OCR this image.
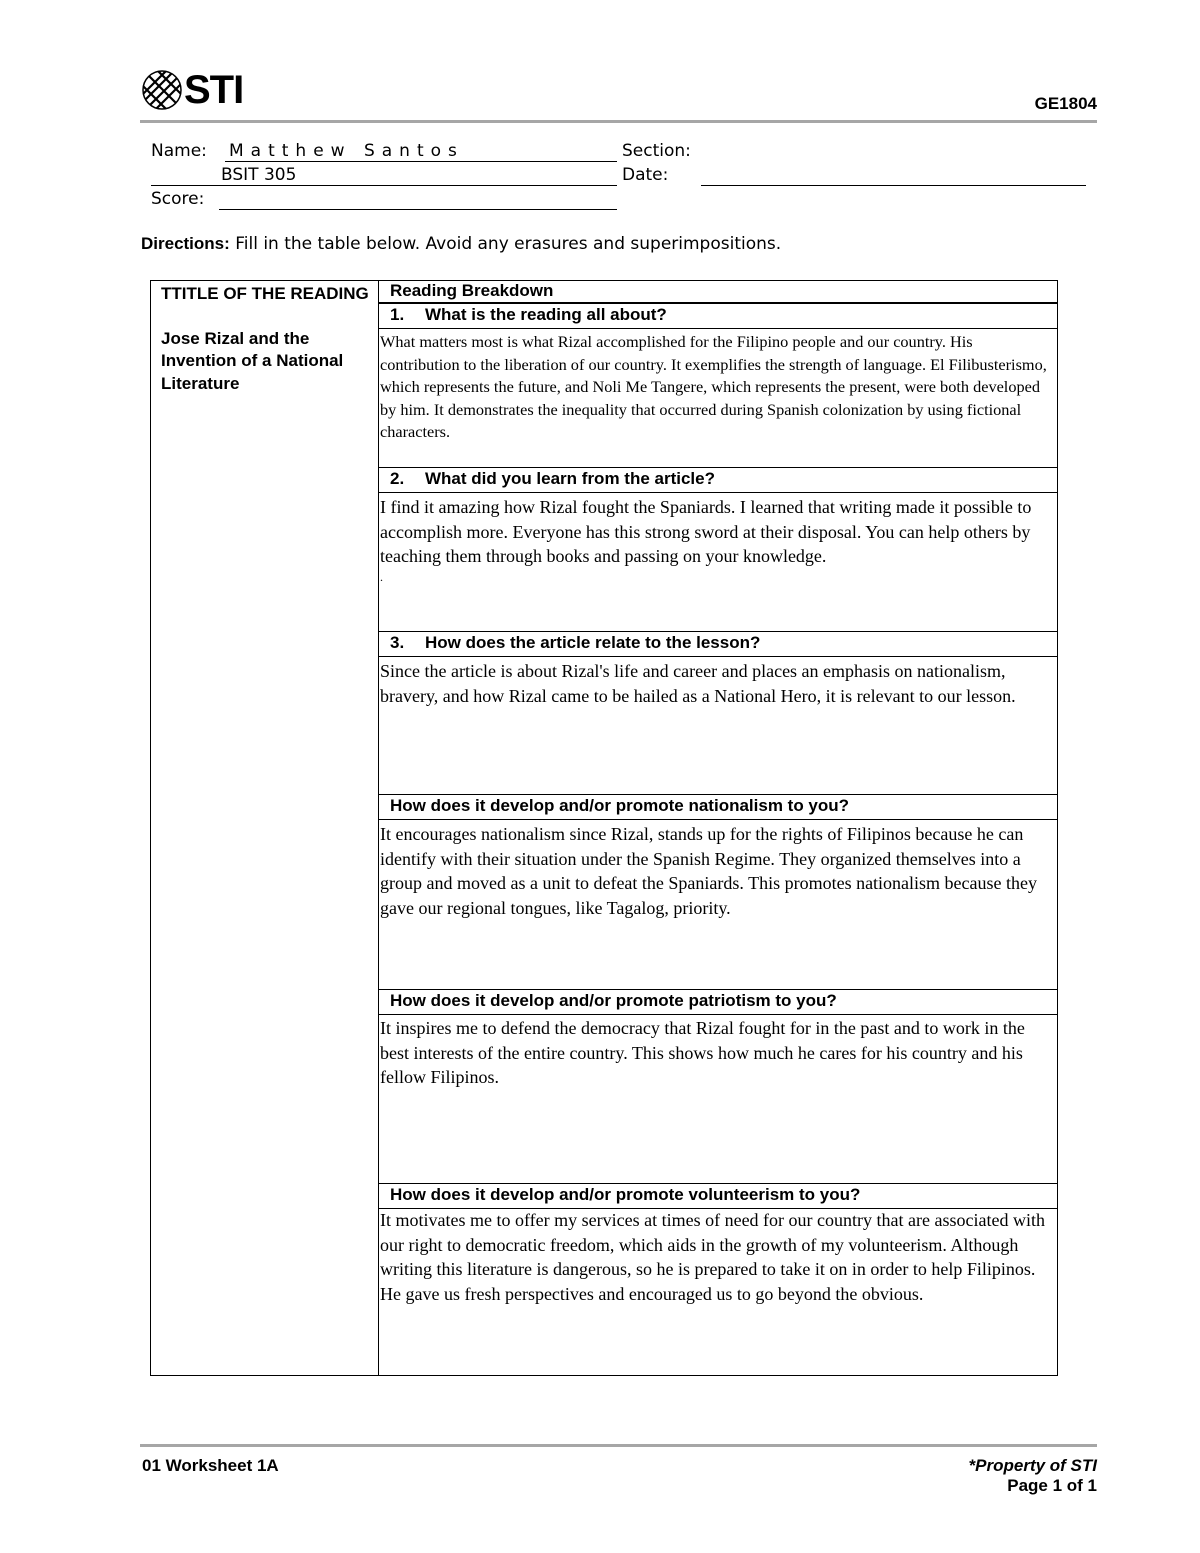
STI	GE1804
Name: Matthew Santos	Section:
BSIT 305	Date:
Score:
Directions: Fill in the table below. Avoid any erasures and superimpositions.
TTITLE OF THE READING
Jose Rizal and the Invention of a National Literature
Reading Breakdown
1. What is the reading all about?
What matters most is what Rizal accomplished for the Filipino people and our country. His contribution to the liberation of our country. It exemplifies the strength of language. El Filibusterismo, which represents the future, and Noli Me Tangere, which represents the present, were both developed by him. It demonstrates the inequality that occurred during Spanish colonization by using fictional characters.
2. What did you learn from the article?
I find it amazing how Rizal fought the Spaniards. I learned that writing made it possible to accomplish more. Everyone has this strong sword at their disposal. You can help others by teaching them through books and passing on your knowledge.
.
3. How does the article relate to the lesson?
Since the article is about Rizal's life and career and places an emphasis on nationalism, bravery, and how Rizal came to be hailed as a National Hero, it is relevant to our lesson.
How does it develop and/or promote nationalism to you?
It encourages nationalism since Rizal, stands up for the rights of Filipinos because he can identify with their situation under the Spanish Regime. They organized themselves into a group and moved as a unit to defeat the Spaniards. This promotes nationalism because they gave our regional tongues, like Tagalog, priority.
How does it develop and/or promote patriotism to you?
It inspires me to defend the democracy that Rizal fought for in the past and to work in the best interests of the entire country. This shows how much he cares for his country and his fellow Filipinos.
How does it develop and/or promote volunteerism to you?
It motivates me to offer my services at times of need for our country that are associated with our right to democratic freedom, which aids in the growth of my volunteerism. Although writing this literature is dangerous, so he is prepared to take it on in order to help Filipinos. He gave us fresh perspectives and encouraged us to go beyond the obvious.
01 Worksheet 1A	*Property of STI
Page 1 of 1
